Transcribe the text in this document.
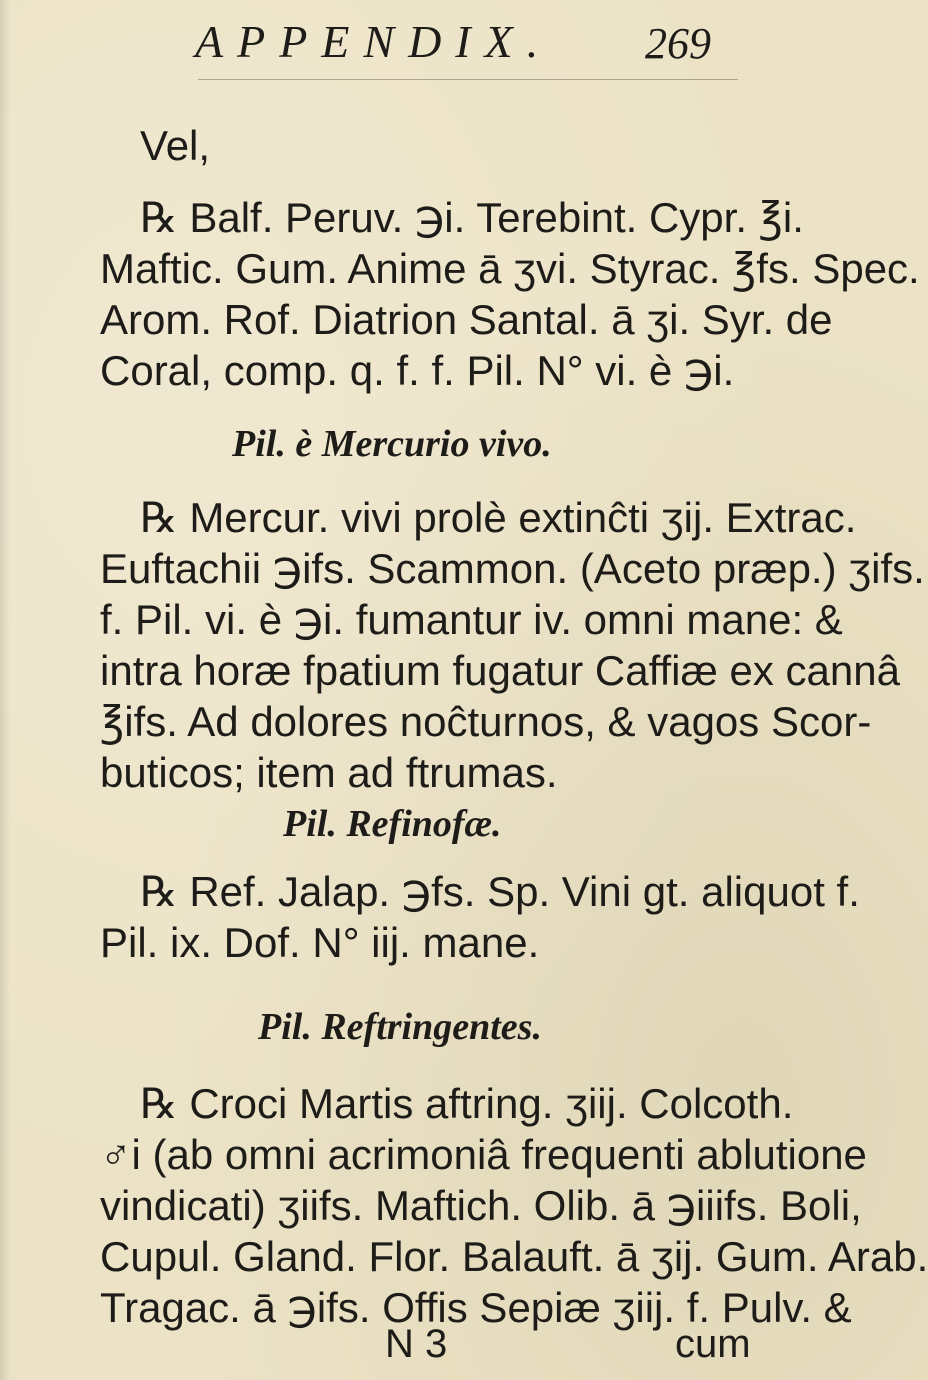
APPENDIX. 269
Vel,
℞ Balf. Peruv. ℈i. Terebint. Cypr. ℥i.
Maftic. Gum. Anime ā ʒvi. Styrac. ℥fs. Spec.
Arom. Rof. Diatrion Santal. ā ʒi. Syr. de
Coral, comp. q. f. f. Pil. N° vi. è ℈i.
Pil. è Mercurio vivo.
℞ Mercur. vivi prolè extinĉti ʒij. Extrac.
Euftachii ℈ifs. Scammon. (Aceto præp.) ʒifs.
f. Pil. vi. è ℈i. fumantur iv. omni mane: &
intra horæ fpatium fugatur Caffiæ ex cannâ
℥ifs. Ad dolores noĉturnos, & vagos Scor-
buticos; item ad ftrumas.
Pil. Refinofæ.
℞ Ref. Jalap. ℈fs. Sp. Vini gt. aliquot f.
Pil. ix. Dof. N° iij. mane.
Pil. Reftringentes.
℞ Croci Martis aftring. ʒiij. Colcoth.
♂i (ab omni acrimoniâ frequenti ablutione
vindicati) ʒiifs. Maftich. Olib. ā ℈iiifs. Boli,
Cupul. Gland. Flor. Balauft. ā ʒij. Gum. Arab.
Tragac. ā ℈ifs. Offis Sepiæ ʒiij. f. Pulv. &
N 3	cum
